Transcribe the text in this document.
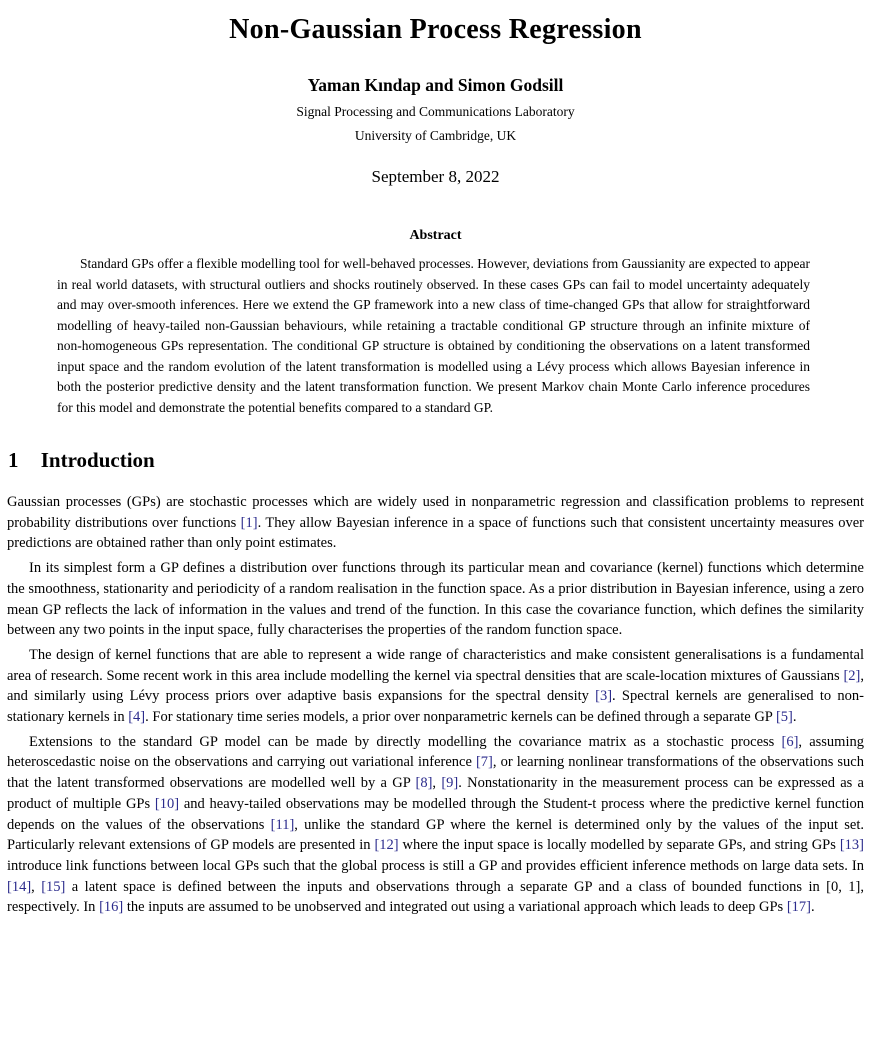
Non-Gaussian Process Regression
Yaman Kındap and Simon Godsill
Signal Processing and Communications Laboratory
University of Cambridge, UK
September 8, 2022
Abstract

Standard GPs offer a flexible modelling tool for well-behaved processes. However, deviations from Gaussianity are expected to appear in real world datasets, with structural outliers and shocks routinely observed. In these cases GPs can fail to model uncertainty adequately and may over-smooth inferences. Here we extend the GP framework into a new class of time-changed GPs that allow for straightforward modelling of heavy-tailed non-Gaussian behaviours, while retaining a tractable conditional GP structure through an infinite mixture of non-homogeneous GPs representation. The conditional GP structure is obtained by conditioning the observations on a latent transformed input space and the random evolution of the latent transformation is modelled using a Lévy process which allows Bayesian inference in both the posterior predictive density and the latent transformation function. We present Markov chain Monte Carlo inference procedures for this model and demonstrate the potential benefits compared to a standard GP.

1 Introduction

Gaussian processes (GPs) are stochastic processes which are widely used in nonparametric regression and classification problems to represent probability distributions over functions [1]. They allow Bayesian inference in a space of functions such that consistent uncertainty measures over predictions are obtained rather than only point estimates.

In its simplest form a GP defines a distribution over functions through its particular mean and covariance (kernel) functions which determine the smoothness, stationarity and periodicity of a random realisation in the function space. As a prior distribution in Bayesian inference, using a zero mean GP reflects the lack of information in the values and trend of the function. In this case the covariance function, which defines the similarity between any two points in the input space, fully characterises the properties of the random function space.

The design of kernel functions that are able to represent a wide range of characteristics and make consistent generalisations is a fundamental area of research. Some recent work in this area include modelling the kernel via spectral densities that are scale-location mixtures of Gaussians [2], and similarly using Lévy process priors over adaptive basis expansions for the spectral density [3]. Spectral kernels are generalised to non-stationary kernels in [4]. For stationary time series models, a prior over nonparametric kernels can be defined through a separate GP [5].

Extensions to the standard GP model can be made by directly modelling the covariance matrix as a stochastic process [6], assuming heteroscedastic noise on the observations and carrying out variational inference [7], or learning nonlinear transformations of the observations such that the latent transformed observations are modelled well by a GP [8], [9]. Nonstationarity in the measurement process can be expressed as a product of multiple GPs [10] and heavy-tailed observations may be modelled through the Student-t process where the predictive kernel function depends on the values of the observations [11], unlike the standard GP where the kernel is determined only by the values of the input set. Particularly relevant extensions of GP models are presented in [12] where the input space is locally modelled by separate GPs, and string GPs [13] introduce link functions between local GPs such that the global process is still a GP and provides efficient inference methods on large data sets. In [14], [15] a latent space is defined between the inputs and observations through a separate GP and a class of bounded functions in [0, 1], respectively. In [16] the inputs are assumed to be unobserved and integrated out using a variational approach which leads to deep GPs [17].
